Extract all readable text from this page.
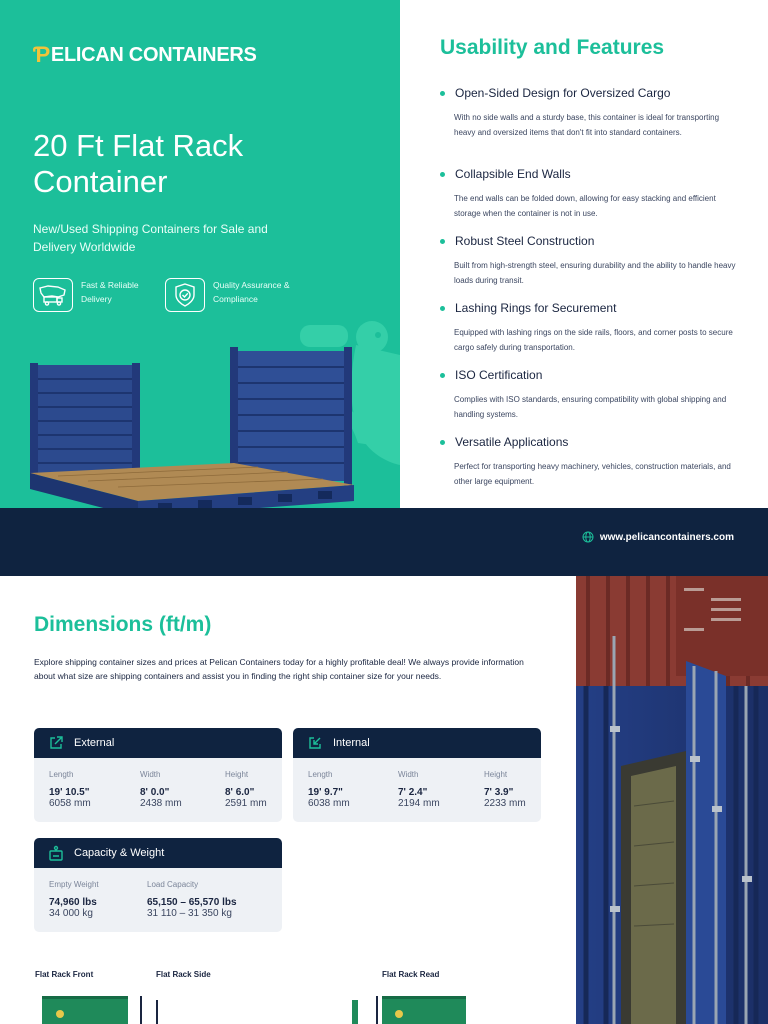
Ƥ ELICAN CONTAINERS
20 Ft Flat Rack Container

New/Used Shipping Containers for Sale and Delivery Worldwide

Fast & Reliable Delivery
Quality Assurance & Compliance
Usability and Features
Open-Sided Design for Oversized Cargo
With no side walls and a sturdy base, this container is ideal for transporting heavy and oversized items that don't fit into standard containers.
Collapsible End Walls
The end walls can be folded down, allowing for easy stacking and efficient storage when the container is not in use.
Robust Steel Construction
Built from high-strength steel, ensuring durability and the ability to handle heavy loads during transit.
Lashing Rings for Securement
Equipped with lashing rings on the side rails, floors, and corner posts to secure cargo safely during transportation.
ISO Certification
Complies with ISO standards, ensuring compatibility with global shipping and handling systems.
Versatile Applications
Perfect for transporting heavy machinery, vehicles, construction materials, and other large equipment.
www.pelicancontainers.com
Dimensions (ft/m)

Explore shipping container sizes and prices at Pelican Containers today for a highly profitable deal! We always provide information about what size are shipping containers and assist you in finding the right ship container size for your needs.

External
Length
19' 10.5"
6058 mm
Width
8' 0.0"
2438 mm
Height
8' 6.0"
2591 mm
Internal
Length
19' 9.7"
6038 mm
Width
7' 2.4"
2194 mm
Height
7' 3.9"
2233 mm
Capacity & Weight
Empty Weight
74,960 lbs
34 000 kg
Load Capacity
65,150 – 65,570 lbs
31 110 – 31 350 kg
Flat Rack Front	Flat Rack Side	Flat Rack Read
